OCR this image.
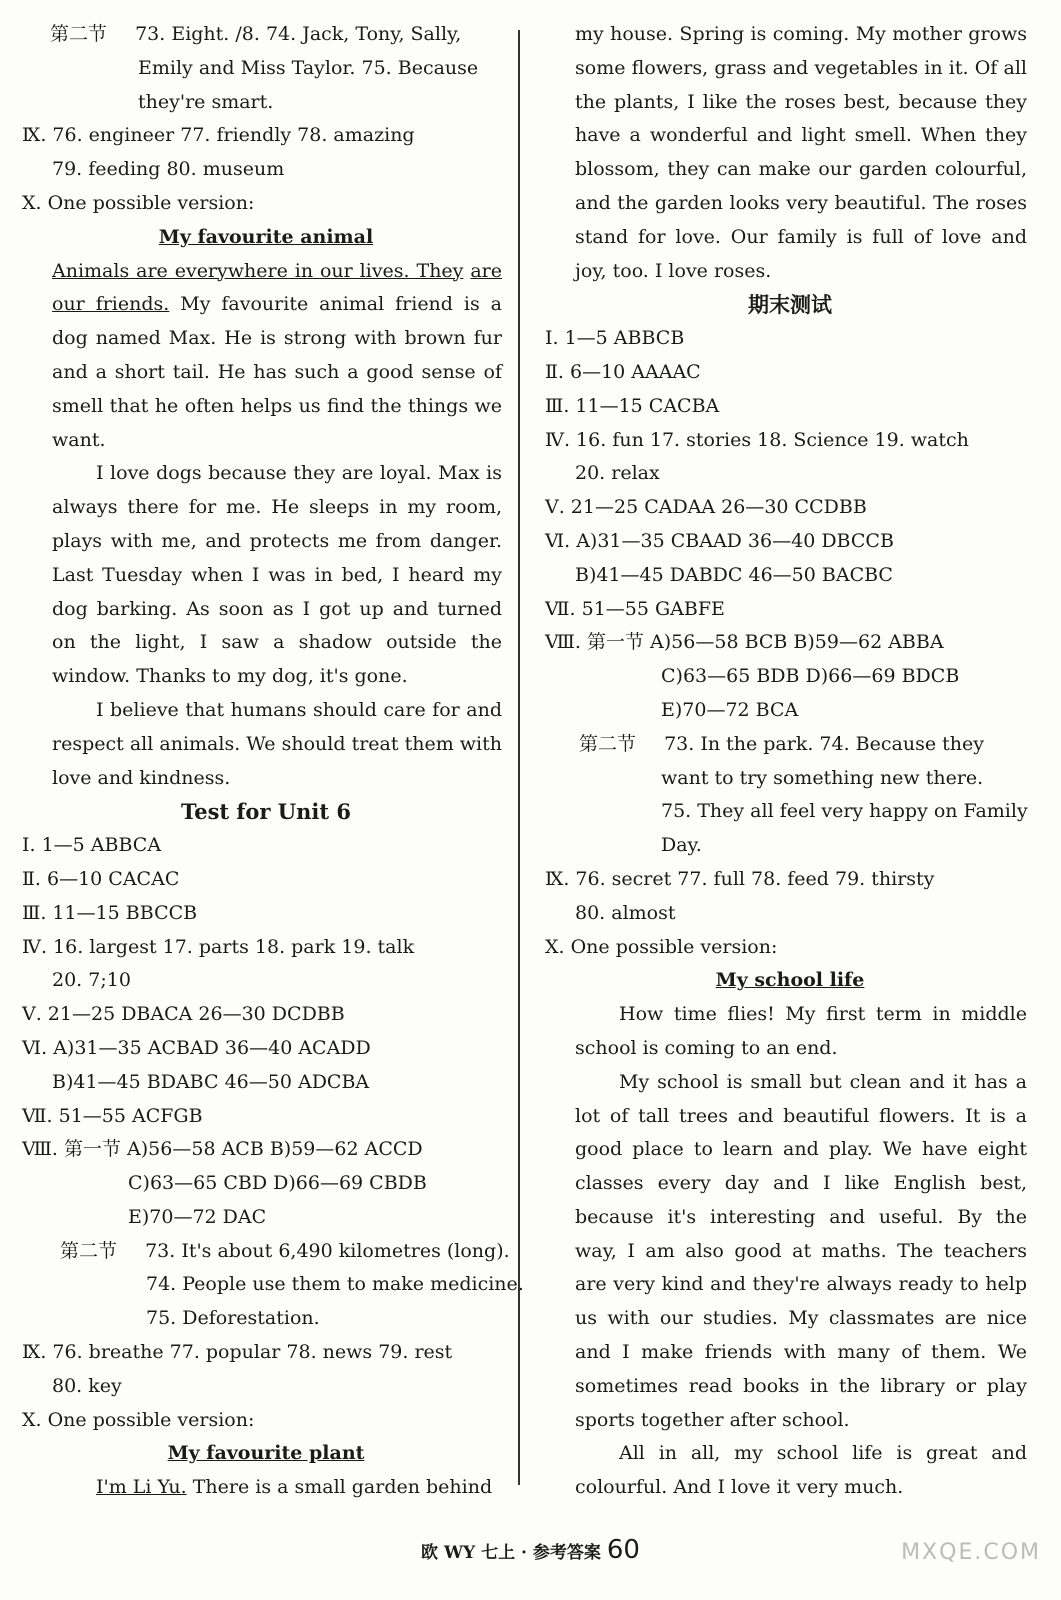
第二节 73. Eight. /8. 74. Jack, Tony, Sally,
Emily and Miss Taylor. 75. Because
they're smart.
Ⅸ. 76. engineer 77. friendly 78. amazing
79. feeding 80. museum
Ⅹ. One possible version:
My favourite animal
Animals are everywhere in our lives. They are our friends. My favourite animal friend is a dog named Max. He is strong with brown fur and a short tail. He has such a good sense of smell that he often helps us find the things we want.
I love dogs because they are loyal. Max is always there for me. He sleeps in my room, plays with me, and protects me from danger. Last Tuesday when I was in bed, I heard my dog barking. As soon as I got up and turned on the light, I saw a shadow outside the window. Thanks to my dog, it's gone.
I believe that humans should care for and respect all animals. We should treat them with love and kindness.
Test for Unit 6
Ⅰ. 1—5 ABBCA
Ⅱ. 6—10 CACAC
Ⅲ. 11—15 BBCCB
Ⅳ. 16. largest 17. parts 18. park 19. talk
20. 7;10
Ⅴ. 21—25 DBACA 26—30 DCDBB
Ⅵ. A)31—35 ACBAD 36—40 ACADD
B)41—45 BDABC 46—50 ADCBA
Ⅶ. 51—55 ACFGB
Ⅷ. 第一节 A)56—58 ACB B)59—62 ACCD
C)63—65 CBD D)66—69 CBDB
E)70—72 DAC
第二节 73. It's about 6,490 kilometres (long).
74. People use them to make medicine.
75. Deforestation.
Ⅸ. 76. breathe 77. popular 78. news 79. rest
80. key
Ⅹ. One possible version:
My favourite plant
I'm Li Yu. There is a small garden behind
my house. Spring is coming. My mother grows some flowers, grass and vegetables in it. Of all the plants, I like the roses best, because they have a wonderful and light smell. When they blossom, they can make our garden colourful, and the garden looks very beautiful. The roses stand for love. Our family is full of love and joy, too. I love roses.
期末测试
Ⅰ. 1—5 ABBCB
Ⅱ. 6—10 AAAAC
Ⅲ. 11—15 CACBA
Ⅳ. 16. fun 17. stories 18. Science 19. watch
20. relax
Ⅴ. 21—25 CADAA 26—30 CCDBB
Ⅵ. A)31—35 CBAAD 36—40 DBCCB
B)41—45 DABDC 46—50 BACBC
Ⅶ. 51—55 GABFE
Ⅷ. 第一节 A)56—58 BCB B)59—62 ABBA
C)63—65 BDB D)66—69 BDCB
E)70—72 BCA
第二节 73. In the park. 74. Because they
want to try something new there.
75. They all feel very happy on Family
Day.
Ⅸ. 76. secret 77. full 78. feed 79. thirsty
80. almost
Ⅹ. One possible version:
My school life
How time flies! My first term in middle school is coming to an end.
My school is small but clean and it has a lot of tall trees and beautiful flowers. It is a good place to learn and play. We have eight classes every day and I like English best, because it's interesting and useful. By the way, I am also good at maths. The teachers are very kind and they're always ready to help us with our studies. My classmates are nice and I make friends with many of them. We sometimes read books in the library or play sports together after school.
All in all, my school life is great and colourful. And I love it very much.
欧 WY 七上 · 参考答案 60	MXQE.COM
